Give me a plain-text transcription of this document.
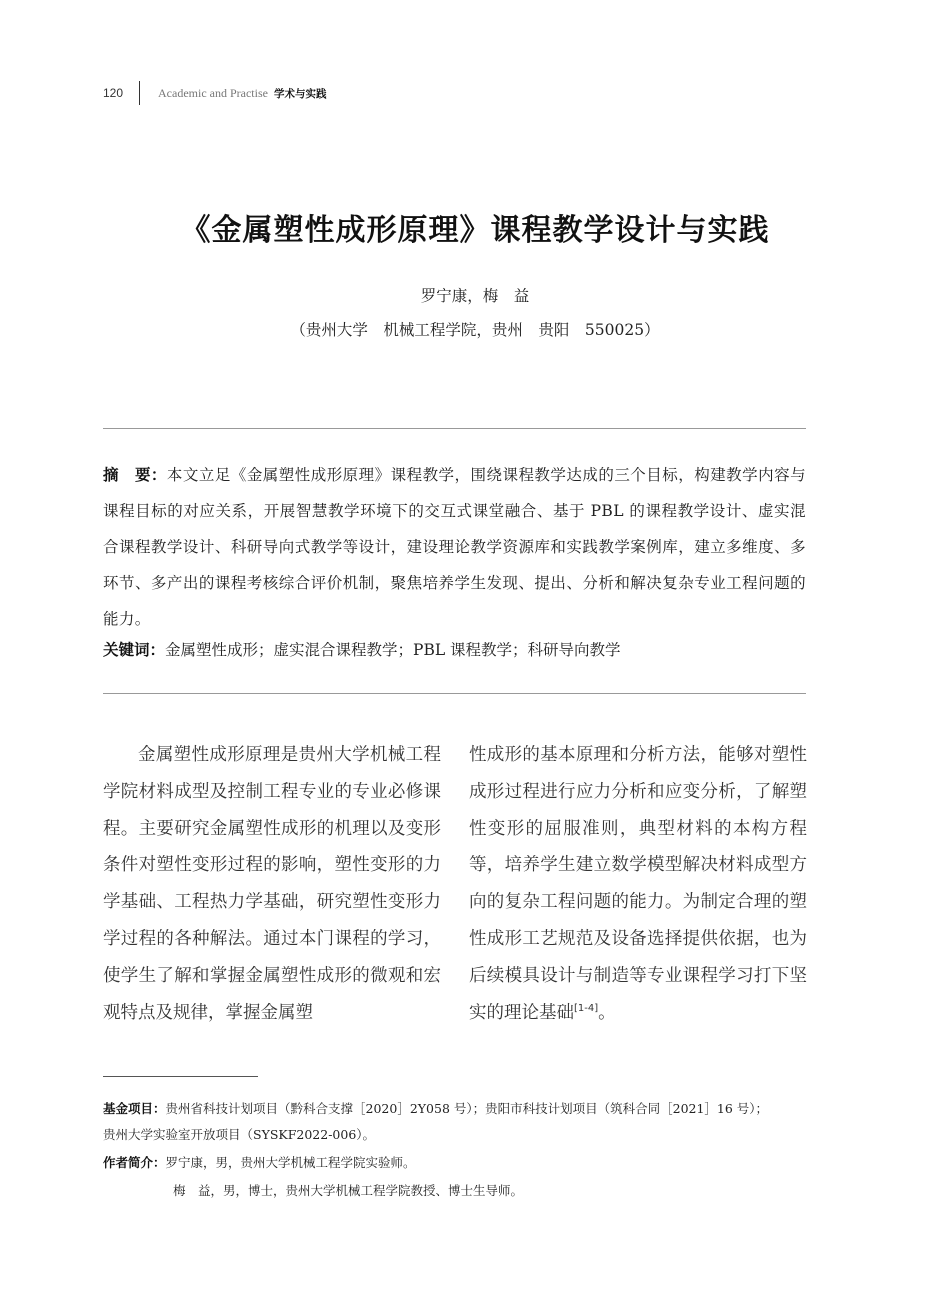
120	Academic and Practise 学术与实践
《金属塑性成形原理》课程教学设计与实践
罗宁康，梅　益
（贵州大学　机械工程学院，贵州　贵阳　550025）
摘　要：本文立足《金属塑性成形原理》课程教学，围绕课程教学达成的三个目标，构建教学内容与课程目标的对应关系，开展智慧教学环境下的交互式课堂融合、基于 PBL 的课程教学设计、虚实混合课程教学设计、科研导向式教学等设计，建设理论教学资源库和实践教学案例库，建立多维度、多环节、多产出的课程考核综合评价机制，聚焦培养学生发现、提出、分析和解决复杂专业工程问题的能力。
关键词：金属塑性成形；虚实混合课程教学；PBL 课程教学；科研导向教学
金属塑性成形原理是贵州大学机械工程学院材料成型及控制工程专业的专业必修课程。主要研究金属塑性成形的机理以及变形条件对塑性变形过程的影响，塑性变形的力学基础、工程热力学基础，研究塑性变形力学过程的各种解法。通过本门课程的学习，使学生了解和掌握金属塑性成形的微观和宏观特点及规律，掌握金属塑
性成形的基本原理和分析方法，能够对塑性成形过程进行应力分析和应变分析，了解塑性变形的屈服准则，典型材料的本构方程等，培养学生建立数学模型解决材料成型方向的复杂工程问题的能力。为制定合理的塑性成形工艺规范及设备选择提供依据，也为后续模具设计与制造等专业课程学习打下坚实的理论基础[1-4]。
基金项目：贵州省科技计划项目（黔科合支撑［2020］2Y058 号）；贵阳市科技计划项目（筑科合同［2021］16 号）；
贵州大学实验室开放项目（SYSKF2022-006）。
作者简介：罗宁康，男，贵州大学机械工程学院实验师。
梅　益，男，博士，贵州大学机械工程学院教授、博士生导师。
